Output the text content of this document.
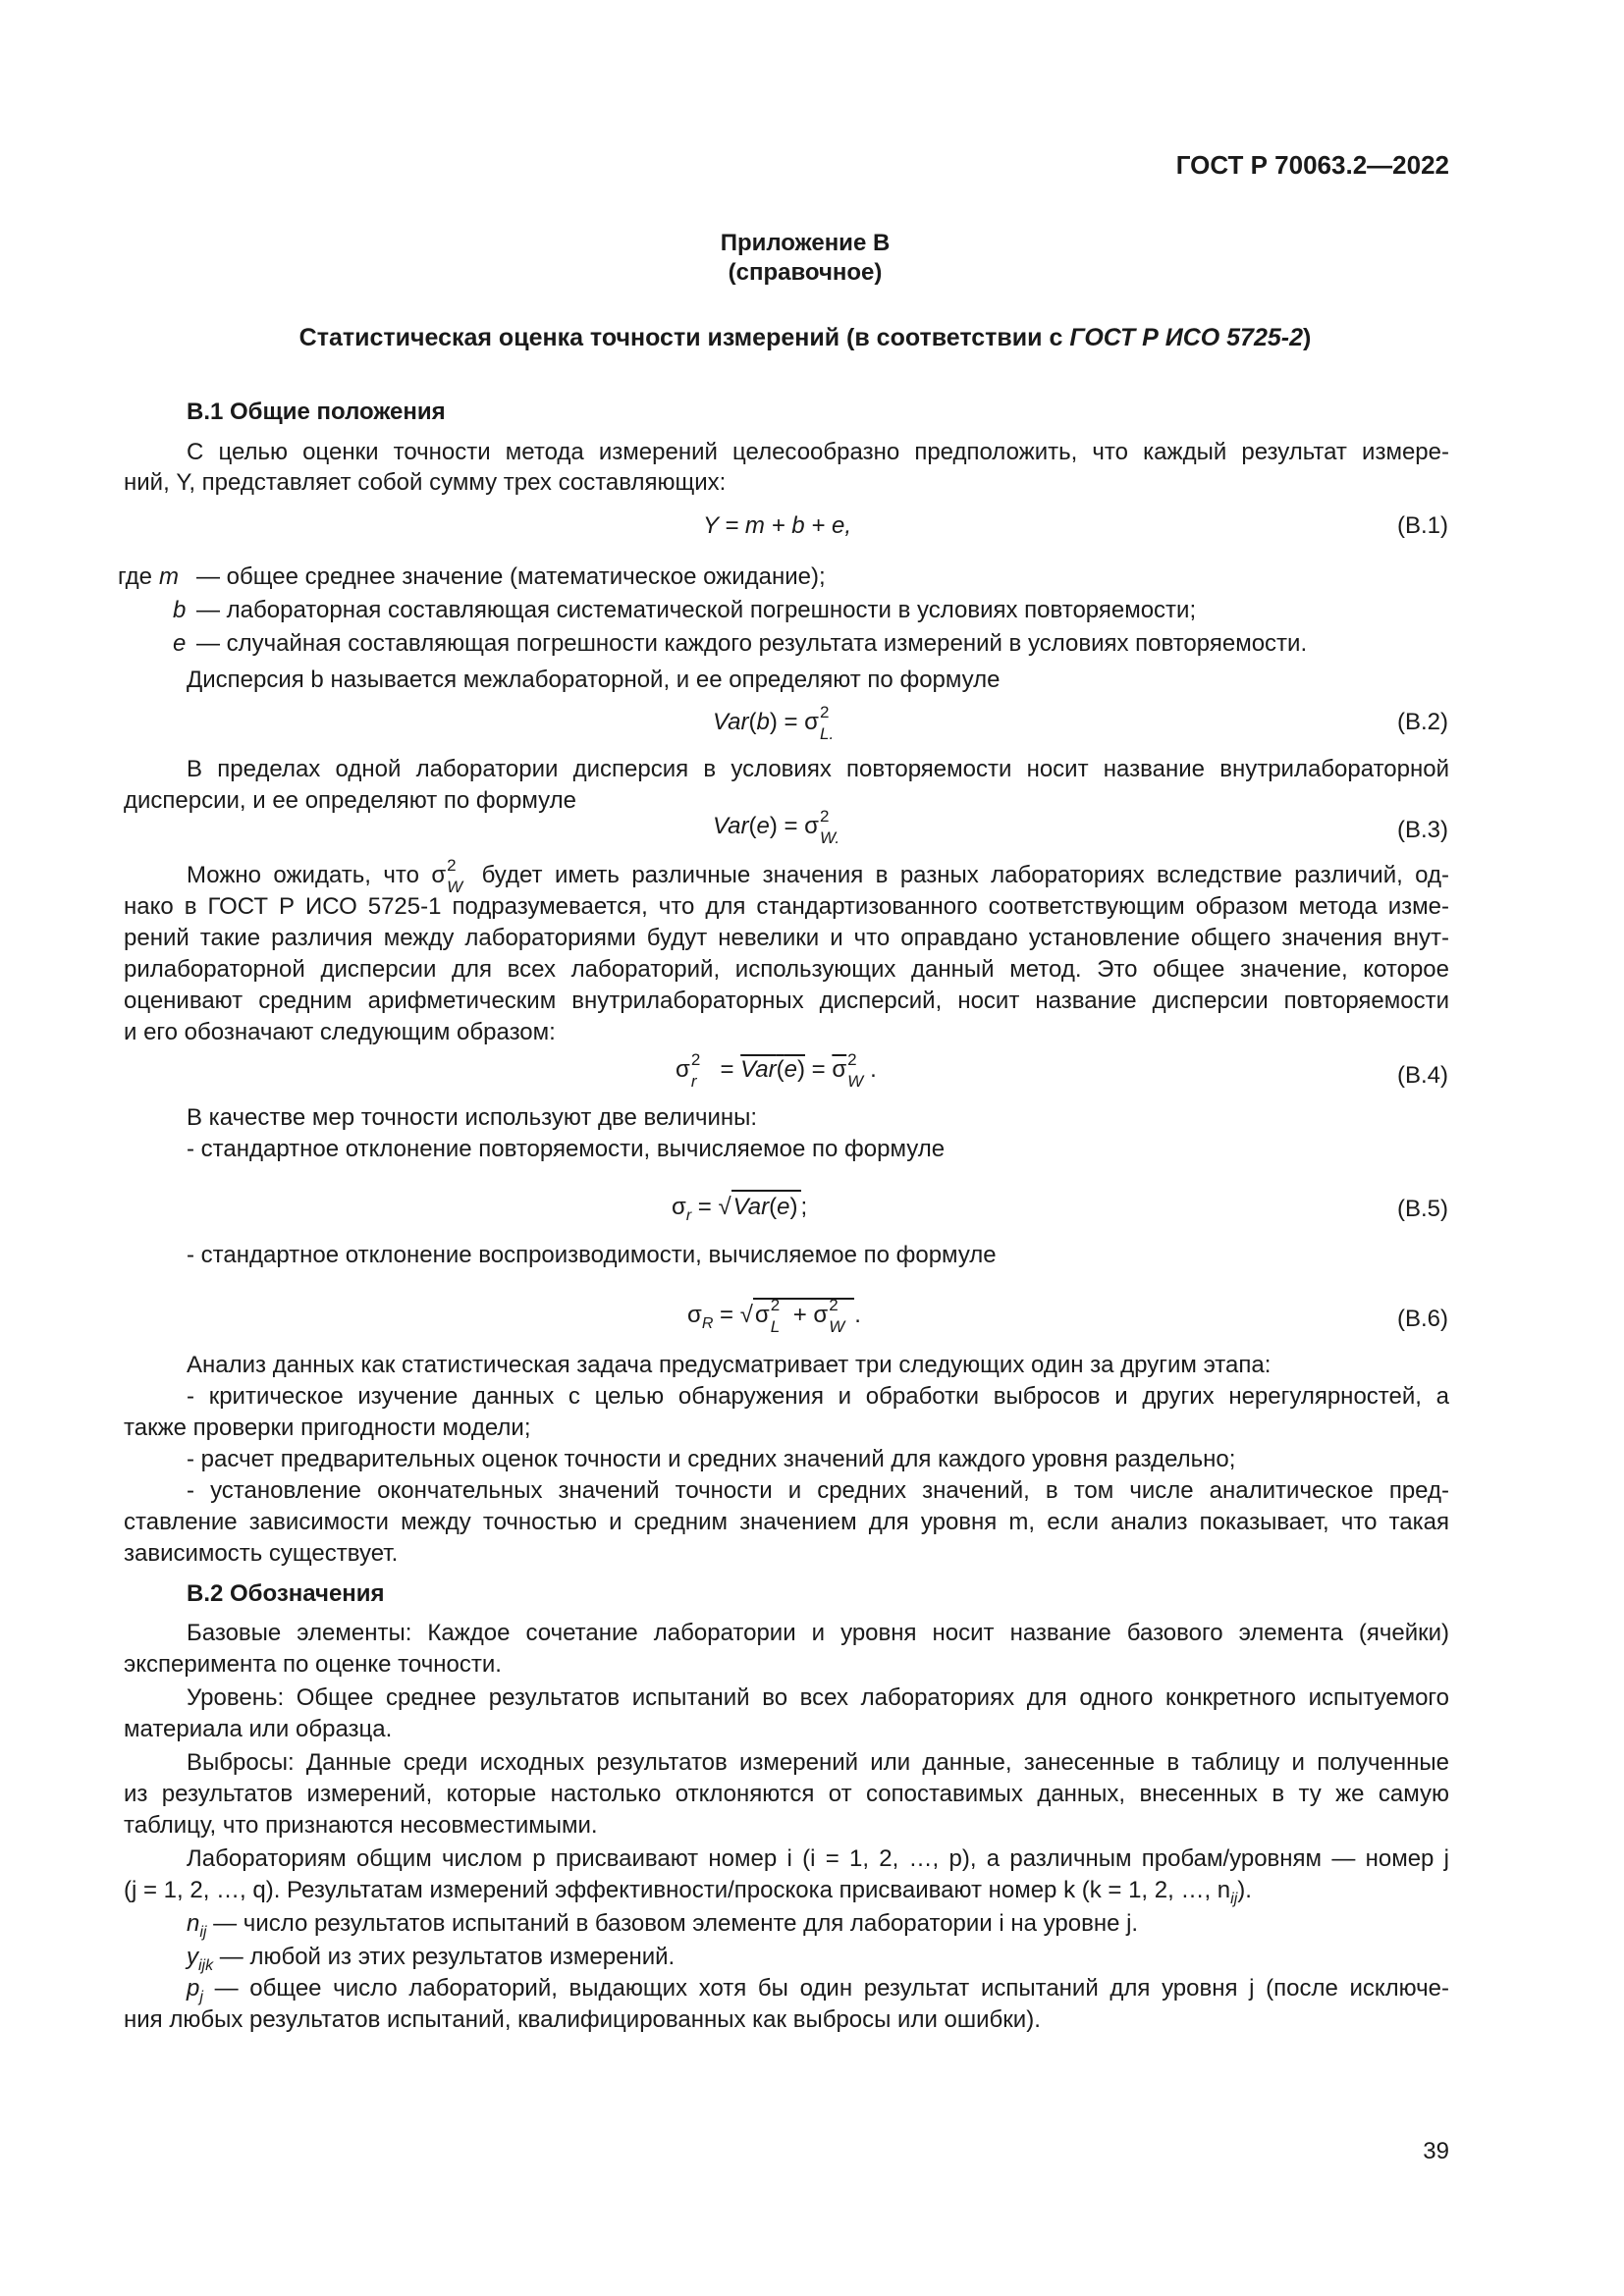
ГОСТ Р 70063.2—2022
Приложение В
(справочное)
Статистическая оценка точности измерений (в соответствии с ГОСТ Р ИСО 5725-2)
В.1 Общие положения
С целью оценки точности метода измерений целесообразно предположить, что каждый результат измере-
ний, Y, представляет собой сумму трех составляющих:
Y = m + b + e,	(В.1)
где m — общее среднее значение (математическое ожидание);
b — лабораторная составляющая систематической погрешности в условиях повторяемости;
e — случайная составляющая погрешности каждого результата измерений в условиях повторяемости.
Дисперсия b называется межлабораторной, и ее определяют по формуле
Var(b) = σ 2
L.	(В.2)
В пределах одной лаборатории дисперсия в условиях повторяемости носит название внутрилабораторной
дисперсии, и ее определяют по формуле
Var(e) = σ 2
W.	(В.3)
Можно ожидать, что σ 2
W будет иметь различные значения в разных лабораториях вследствие различий, од-
нако в ГОСТ Р ИСО 5725-1 подразумевается, что для стандартизованного соответствующим образом метода изме-
рений такие различия между лабораториями будут невелики и что оправдано установление общего значения внут-
рилабораторной дисперсии для всех лабораторий, использующих данный метод. Это общее значение, которое
оценивают средним арифметическим внутрилабораторных дисперсий, носит название дисперсии повторяемости
и его обозначают следующим образом:
σ 2
r = Var(e) = σ 2
W .	(В.4)
В качестве мер точности используют две величины:
- стандартное отклонение повторяемости, вычисляемое по формуле
$\sigma_r = √Var(e)$ ;	(В.5)
- стандартное отклонение воспроизводимости, вычисляемое по формуле
$\sigma_R = √\sigma$ 2
L + σ 2
W .	(В.6)
Анализ данных как статистическая задача предусматривает три следующих один за другим этапа:
- критическое изучение данных с целью обнаружения и обработки выбросов и других нерегулярностей, а
также проверки пригодности модели;
- расчет предварительных оценок точности и средних значений для каждого уровня раздельно;
- установление окончательных значений точности и средних значений, в том числе аналитическое пред-
ставление зависимости между точностью и средним значением для уровня m, если анализ показывает, что такая
зависимость существует.
В.2 Обозначения
Базовые элементы: Каждое сочетание лаборатории и уровня носит название базового элемента (ячейки)
эксперимента по оценке точности.
Уровень: Общее среднее результатов испытаний во всех лабораториях для одного конкретного испытуемого
материала или образца.
Выбросы: Данные среди исходных результатов измерений или данные, занесенные в таблицу и полученные
из результатов измерений, которые настолько отклоняются от сопоставимых данных, внесенных в ту же самую
таблицу, что признаются несовместимыми.
Лабораториям общим числом p присваивают номер i (i = 1, 2, …, p), а различным пробам/уровням — номер j
(j = 1, 2, …, q). Результатам измерений эффективности/проскока присваивают номер k (k = 1, 2, …, $n_{ij}$).
$n_{ij}$ — число результатов испытаний в базовом элементе для лаборатории i на уровне j.
$y_{ijk}$ — любой из этих результатов измерений.
$p_j$ — общее число лабораторий, выдающих хотя бы один результат испытаний для уровня j (после исключе-
ния любых результатов испытаний, квалифицированных как выбросы или ошибки).
39
